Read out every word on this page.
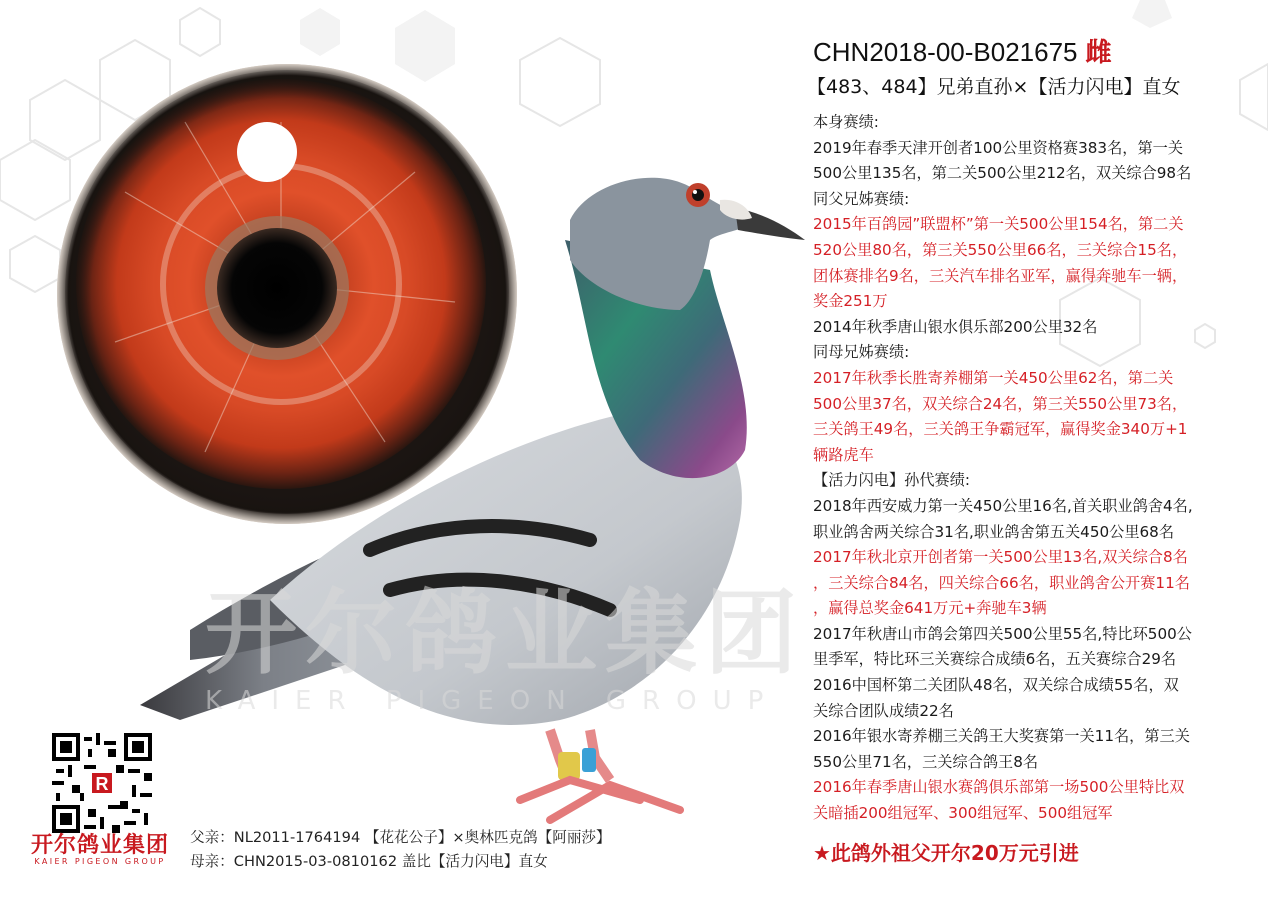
开尔鸽业集团
KAIER PIGEON GROUP
CHN2018-00-B021675 雌
【483、484】兄弟直孙×【活力闪电】直女
本身赛绩:
2019年春季天津开创者100公里资格赛383名，第一关
500公里135名，第二关500公里212名，双关综合98名
同父兄姊赛绩:
2015年百鸽园”联盟杯”第一关500公里154名，第二关
520公里80名，第三关550公里66名，三关综合15名，
团体赛排名9名，三关汽车排名亚军，赢得奔驰车一辆，
奖金251万
2014年秋季唐山银水俱乐部200公里32名
同母兄姊赛绩:
2017年秋季长胜寄养棚第一关450公里62名，第二关
500公里37名，双关综合24名，第三关550公里73名，
三关鸽王49名，三关鸽王争霸冠军，赢得奖金340万+1
辆路虎车
【活力闪电】孙代赛绩:
2018年西安威力第一关450公里16名,首关职业鸽舍4名,
职业鸽舍两关综合31名,职业鸽舍第五关450公里68名
2017年秋北京开创者第一关500公里13名,双关综合8名
，三关综合84名，四关综合66名，职业鸽舍公开赛11名
，赢得总奖金641万元+奔驰车3辆
2017年秋唐山市鸽会第四关500公里55名,特比环500公
里季军，特比环三关赛综合成绩6名，五关赛综合29名
2016中国杯第二关团队48名，双关综合成绩55名，双
关综合团队成绩22名
2016年银水寄养棚三关鸽王大奖赛第一关11名，第三关
550公里71名，三关综合鸽王8名
2016年春季唐山银水赛鸽俱乐部第一场500公里特比双
关暗插200组冠军、300组冠军、500组冠军
★此鸽外祖父开尔20万元引进
R
开尔鸽业集团
KAIER PIGEON GROUP
父亲：NL2011-1764194 【花花公子】×奥林匹克鸽【阿丽莎】
母亲：CHN2015-03-0810162 盖比【活力闪电】直女
